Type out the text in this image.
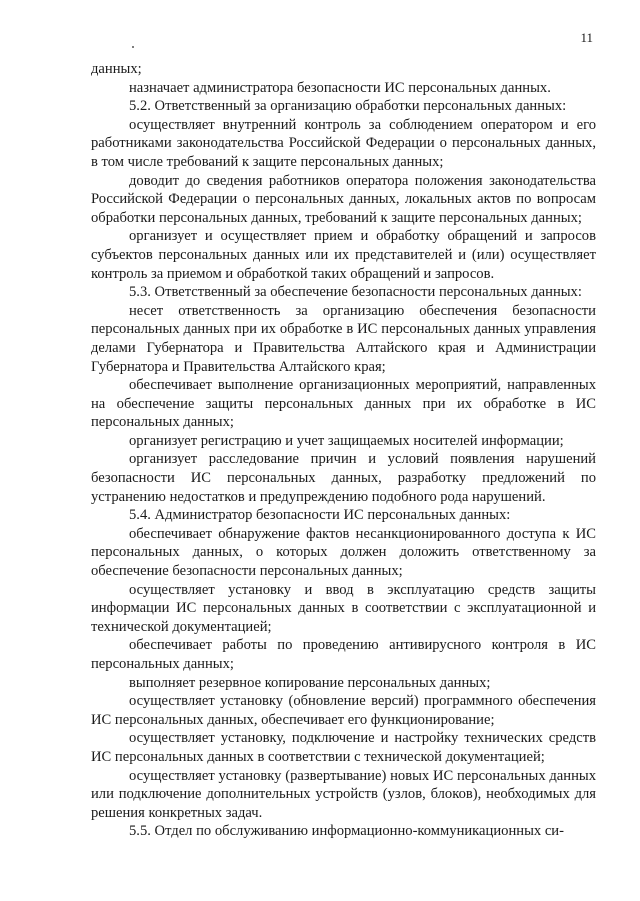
11

данных;

назначает администратора безопасности ИС персональных данных.

5.2. Ответственный за организацию обработки персональных данных:

осуществляет внутренний контроль за соблюдением оператором и его работниками законодательства Российской Федерации о персональных данных, в том числе требований к защите персональных данных;

доводит до сведения работников оператора положения законодательства Российской Федерации о персональных данных, локальных актов по вопросам обработки персональных данных, требований к защите персональных данных;

организует и осуществляет прием и обработку обращений и запросов субъектов персональных данных или их представителей и (или) осуществляет контроль за приемом и обработкой таких обращений и запросов.

5.3. Ответственный за обеспечение безопасности персональных данных:

несет ответственность за организацию обеспечения безопасности персональных данных при их обработке в ИС персональных данных управления делами Губернатора и Правительства Алтайского края и Администрации Губернатора и Правительства Алтайского края;

обеспечивает выполнение организационных мероприятий, направленных на обеспечение защиты персональных данных при их обработке в ИС персональных данных;

организует регистрацию и учет защищаемых носителей информации;

организует расследование причин и условий появления нарушений безопасности ИС персональных данных, разработку предложений по устранению недостатков и предупреждению подобного рода нарушений.

5.4. Администратор безопасности ИС персональных данных:

обеспечивает обнаружение фактов несанкционированного доступа к ИС персональных данных, о которых должен доложить ответственному за обеспечение безопасности персональных данных;

осуществляет установку и ввод в эксплуатацию средств защиты информации ИС персональных данных в соответствии с эксплуатационной и технической документацией;

обеспечивает работы по проведению антивирусного контроля в ИС персональных данных;

выполняет резервное копирование персональных данных;

осуществляет установку (обновление версий) программного обеспечения ИС персональных данных, обеспечивает его функционирование;

осуществляет установку, подключение и настройку технических средств ИС персональных данных в соответствии с технической документацией;

осуществляет установку (развертывание) новых ИС персональных данных или подключение дополнительных устройств (узлов, блоков), необходимых для решения конкретных задач.

5.5. Отдел по обслуживанию информационно-коммуникационных си-
